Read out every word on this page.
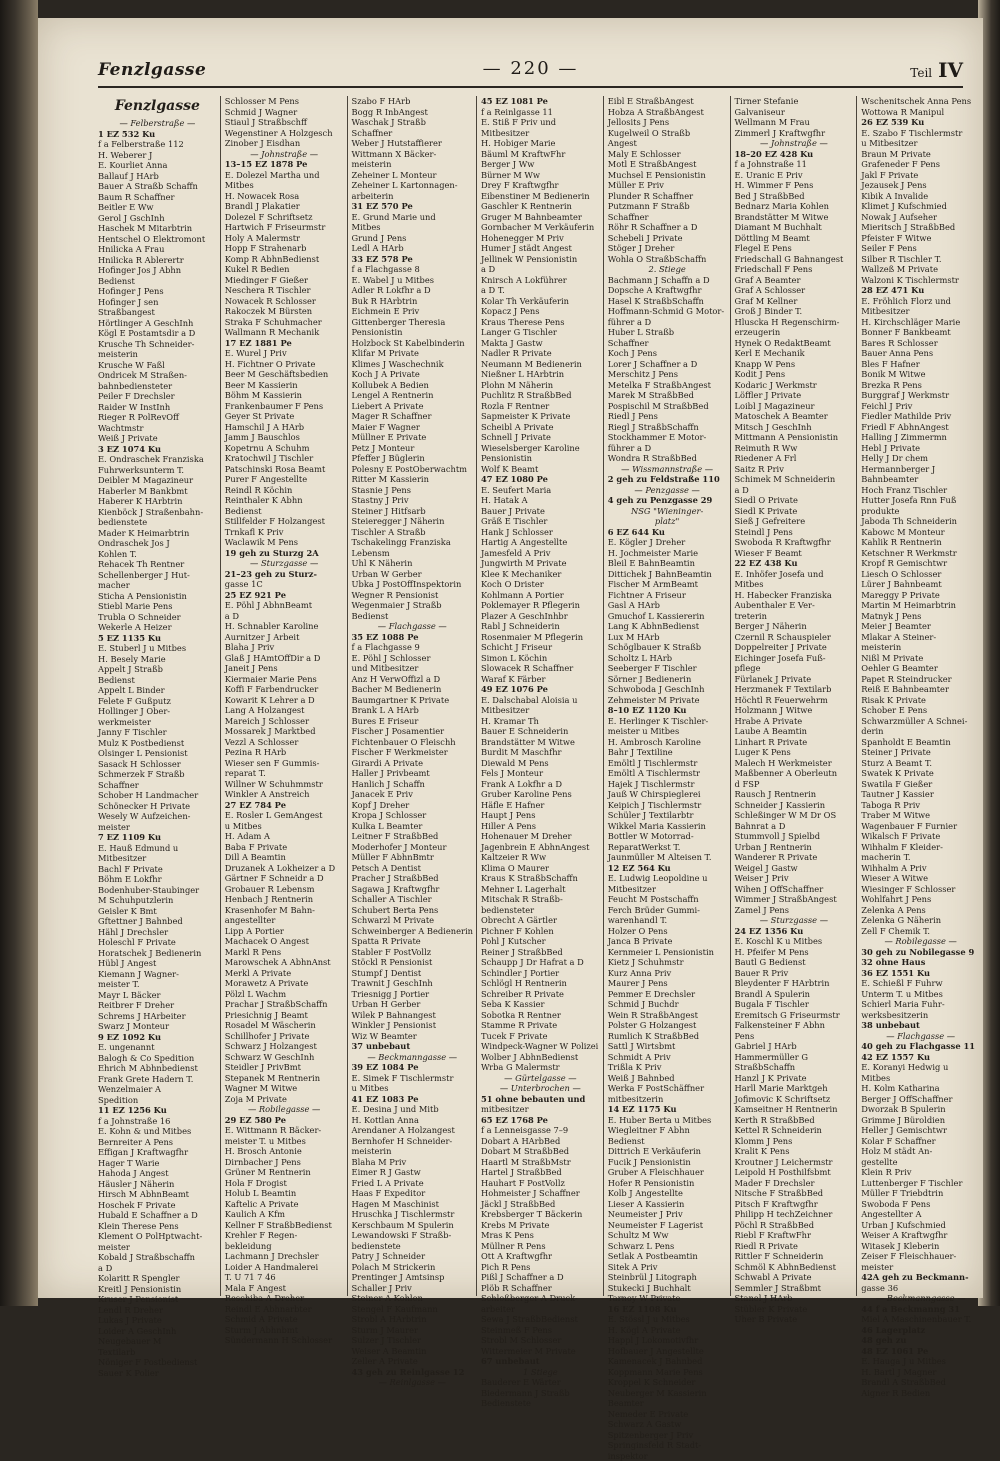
Fenzlgasse	— 220 —	Teil IV
Fenzlgasse
— Felberstraße —
1 EZ 532 Ku
f a Felberstraße 112
H. Weberer J
E. Kourliet Anna
Ballauf J HArb
Bauer A Straßb Schaffn
Baum R Schaffner
Beitler E Ww
Gerol J GschInh
Haschek M Mitarbtrin
Hentschel O Elektromont
Hnilicka A Frau
Hnilicka R Ablerertr
Hofinger Jos J Abhn
Bedienst
Hofinger J Pens
Hofinger J sen
Straßbangest
Hörtlinger A GeschInh
Kögl E Postamtsdir a D
Krusche Th Schneider-
meisterin
Krusche W Faßl
Ondricek M Straßen-
bahnbediensteter
Peiler F Drechsler
Raider W InstInh
Rieger R PolRevOff
Wachtmstr
Weiß J Private
3 EZ 1074 Ku
E. Ondraschek Franziska
Fuhrwerksunterm T.
Deibler M Magazineur
Haberler M Bankbmt
Haberer K HArbtrin
Kienböck J Straßenbahn-
bedienstete
Mader K Heimarbtrin
Ondraschek Jos J
Kohlen T.
Rehacek Th Rentner
Schellenberger J Hut-
macher
Sticha A Pensionistin
Stiebl Marie Pens
Trubla O Schneider
Wekerle A Heizer
5 EZ 1135 Ku
E. Stuberl J u Mitbes
H. Besely Marie
Appelt J Straßb
Bedienst
Appelt L Binder
Felete F Gußputz
Hollinger J Ober-
werkmeister
Janny F Tischler
Mulz K Postbedienst
Olsinger L Pensionist
Sasack H Schlosser
Schmerzek F Straßb
Schaffner
Schober H Landmacher
Schönecker H Private
Wesely W Aufzeichen-
meister
7 EZ 1109 Ku
E. Hauß Edmund u
Mitbesitzer
Bachl F Private
Böhm E Lokfhr
Bodenhuber-Staubinger
M Schuhputzlerin
Geisler K Bmt
Gftettner J Bahnbed
Hähl J Drechsler
Holeschl F Private
Horatschek J Bedienerin
Hübl J Angest
Kiemann J Wagner-
meister T.
Mayr L Bäcker
Reitbrer F Dreher
Schrems J HArbeiter
Swarz J Monteur
9 EZ 1092 Ku
E. ungenannt
Balogh & Co Spedition
Ehrich M Abhnbedienst
Frank Grete Hadern T.
Wenzelmaier A
Spedition
11 EZ 1256 Ku
f a Johnstraße 16
E. Kohn & und Mitbes
Bernreiter A Pens
Effigan J Kraftwagfhr
Hager T Warie
Hahoda J Angest
Häusler J Näherin
Hirsch M AbhnBeamt
Hoschek F Private
Hubald E Schaffner a D
Klein Therese Pens
Klement O PolHptwacht-
meister
Kobald J Straßbschaffn
a D
Kolaritt R Spengler
Kreitl J Pensionistin
Kruser J Pensionist
Lendl R Dreher
Lukas J Private
Loider A GeschInh
Neugebauer M
Textilarb
Nöniger F Postbedienst
Sauer K Polier
Schlosser M Pens
Schmid J Wagner
Stiaul J Straßbschff
Wegenstiner A Holzgesch
Zinober J Eisdhan
— Johnstraße —
13–15 EZ 1878 Pe
E. Dolezel Martha und
Mitbes
H. Nowacek Rosa
Brandl J Plakatier
Dolezel F Schriftsetz
Hartwich F Friseurmstr
Holy A Malermstr
Hopp F Strahenarb
Komp R AbhnBedienst
Kukel R Bedien
Miedinger F Gießer
Neschera R Tischler
Nowacek R Schlosser
Rakoczek M Bürsten
Straka F Schuhmacher
Wallmann R Mechanik
17 EZ 1881 Pe
E. Wurel J Priv
H. Fichtner O Private
Beer M Geschäftsbedien
Beer M Kassierin
Böhm M Kassierin
Frankenbaumer F Pens
Geyer St Private
Hamschil J A HArb
Jamm J Bauschlos
Kopetrnu A Schuhm
Kratochwil J Tischler
Patschinski Rosa Beamt
Purer F Angestellte
Reindl R Köchin
Reinthaler K Abhn
Bedienst
Stillfelder F Holzangest
Trnkafl K Priv
Waclawik M Pens
19 geh zu Sturzg 2A
— Sturzgasse —
21–23 geh zu Sturz-
gasse 1C
25 EZ 921 Pe
E. Pöhl J AbhnBeamt
a D
H. Schnabler Karoline
Aurnitzer J Arbeit
Blaha J Priv
Glaß J HAmtOffDir a D
Janeit J Pens
Kiermaier Marie Pens
Koffi F Farbendrucker
Kowarit K Lehrer a D
Lang A Holzangest
Mareich J Schlosser
Mossarek J Marktbed
Vezzl A Schlosser
Pezina R HArb
Wieser sen F Gummis-
reparat T.
Willner W Schuhmmstr
Winkler A Anstreich
27 EZ 784 Pe
E. Rosler L GemAngest
u Mitbes
H. Adam A
Baba F Private
Dill A Beamtin
Druzanek A Lokheizer a D
Gärtner F Schneidr a D
Grobauer R Lebensm
Henbach J Rentnerin
Krasenhofer M Bahn-
angestellter
Lipp A Portier
Machacek O Angest
Markl R Pens
Marowschek A AbhnAnst
Merkl A Private
Morawetz A Private
Pölzl L Wachm
Prachar J StraßbSchaffn
Priesichnig J Beamt
Rosadel M Wäscherin
Schillhofer J Private
Schwarz J Holzangest
Schwarz W GeschInh
Steidler J PrivBmt
Stepanek M Rentnerin
Wagner M Witwe
Zoja M Private
— Robilegasse —
29 EZ 580 Pe
E. Wittmann R Bäcker-
meister T. u Mitbes
H. Brosch Antonie
Dirnbacher J Pens
Grüner M Rentnerin
Hola F Drogist
Holub L Beamtin
Kaftelic A Private
Kaulich A Kfm
Kellner F StraßbBedienst
Krehler F Regen-
bekleidung
Lachmann J Drechsler
Loider A Handmalerei
T. U 71 7 46
Mala F Angest
Reschiba A Dreher
Reindl E Abhnarbter
Schmid A Private
Sturm J Abhnbmt
Sündermann H Schlosser
Szabo F HArb
Bogg R InbAngest
Waschak J Straßb
Schaffner
Weber J Hutstaffierer
Wittmann X Bäcker-
meisterin
Zeheiner L Monteur
Zeheiner L Kartonnagen-
arbeiterin
31 EZ 570 Pe
E. Grund Marie und
Mitbes
Grund J Pens
Ledl A HArb
33 EZ 578 Pe
f a Flachgasse 8
E. Wabel J u Mitbes
Adler R Lokfhr a D
Buk R HArbtrin
Eichmein E Priv
Gittenberger Theresia
Pensionistin
Holzbock St Kabelbinderin
Klifar M Private
Klimes J Waschechnik
Koch J A Private
Kollubek A Bedien
Lengel A Rentnerin
Liebert A Private
Mager R Schaffner
Maier F Wagner
Müllner E Private
Petz J Monteur
Pfeffer J Büglerin
Polesny E PostOberwachtm
Ritter M Kassierin
Stasnie J Pens
Stastny J Priv
Steiner J Hitfsarb
Steieregger J Näherin
Tischler A Straßb
Tschakelingg Franziska
Lebensm
Uhl K Näherin
Urban W Gerber
Ubka J PostOffInspektorin
Wegner R Pensionist
Wegenmaier J Straßb
Bedienst
— Flachgasse —
35 EZ 1088 Pe
f a Flachgasse 9
E. Pöhl J Schlosser
und Mitbesitzer
Anz H VerwOffizl a D
Bacher M Bedienerin
Baumgartner K Private
Brank L A HArb
Bures E Friseur
Fischer J Posamentier
Fichtenbauer O Fleischh
Fischer F Werkmeister
Girardi A Private
Haller J Privbeamt
Hanlich J Schaffn
Janacek E Priv
Kopf J Dreher
Kropa J Schlosser
Kulka L Beamter
Leitner F StraßbBed
Moderhofer J Monteur
Müller F AbhnBmtr
Petsch A Dentist
Pracher J StraßbBed
Sagawa J Kraftwgfhr
Schaller A Tischler
Schubert Berta Pens
Schwarzl M Private
Schweinberger A Bedienerin
Spatta R Private
Stabler F PostVollz
Stöckl R Pensionist
Stumpf J Dentist
Trawnit J GeschInh
Triesnigg J Portier
Urban H Gerber
Wilek P Bahnangest
Winkler J Pensionist
Wiz W Beamter
37 unbebaut
— Beckmanngasse —
39 EZ 1084 Pe
E. Simek F Tischlermstr
u Mitbes
41 EZ 1083 Pe
E. Desina J und Mitb
H. Kottlan Anna
Arendaner A Holzangest
Bernhofer H Schneider-
meisterin
Blaha M Priv
Eimer R J Gastw
Fried L A Private
Haas F Expeditor
Hagen M Maschinist
Hruschka J Tischlermstr
Kerschbaum M Spulerin
Lewandowski F Straßb-
bedienstete
Patry J Schneider
Polach M Strickerin
Prentinger J Amtsinsp
Schaller J Priv
Steiner A Kohlen
Stengel F Kaufmann
Strobl A HArbtrin
Sturm J Maurer
Sulzer J Tischler
Weiser A Beamtin
Zeller A Private
43 geh zu Reinlgasse 12
— Reinlgasse —
45 EZ 1081 Pe
f a Reinlgasse 11
E. Stiß F Priv und
Mitbesitzer
H. Hobiger Marie
Bäuml M KraftwFhr
Berger J Ww
Bürner M Ww
Drey F Kraftwgfhr
Eibenstiner M Bedienerin
Gaschler K Rentnerin
Gruger M Bahnbeamter
Gornbacher M Verkäuferin
Hohenegger M Priv
Humer J städt Angest
Jellinek W Pensionistin
a D
Knirsch A Lokführer
a D T.
Kolar Th Verkäuferin
Kopacz J Pens
Kraus Therese Pens
Langer G Tischler
Makta J Gastw
Nadler R Private
Neumann M Bedienerin
Nießner L HArbtrin
Plohn M Näherin
Puchlitz R StraßbBed
Rozla F Rentner
Sapmeister K Private
Scheibl A Private
Schnell J Private
Wieselsberger Karoline
Pensionistin
Wolf K Beamt
47 EZ 1080 Pe
E. Seufert Maria
H. Hatak A
Bauer J Private
Gräß E Tischler
Hank J Schlosser
Hartig A Angestellte
Jamesfeld A Priv
Jungwirth M Private
Klee K Mechaniker
Koch O Drister
Kohlmann A Portier
Poklemayer R Pflegerin
Plazer A GeschInhbr
Rabl J Schneiderin
Rosenmaier M Pflegerin
Schicht J Friseur
Simon L Köchin
Slowacek R Schaffner
Waraf K Färber
49 EZ 1076 Pe
E. Dalschabal Aloisia u
Mitbesitzer
H. Kramar Th
Bauer E Schneiderin
Brandstätter M Witwe
Burdit M Maschfhr
Diewald M Pens
Fels J Monteur
Frank A Lokfhr a D
Gruber Karoline Pens
Häfle E Hafner
Haupt J Pens
Hiller A Pens
Hohenauer M Dreher
Jagenbrein E AbhnAngest
Kaltzeier R Ww
Klima O Maurer
Kraus K StraßbSchaffn
Mehner L Lagerhalt
Mitschak R Straßb-
bediensteter
Obrecht A Gärtler
Pichner F Kohlen
Pohl J Kutscher
Reiner J StraßbBed
Schaupp J Dr Hafrat a D
Schindler J Portier
Schlögl H Rentnerin
Schreiber R Private
Seba K Kassier
Sobotka R Rentner
Stamme R Private
Tucek F Private
Windpeck-Wagner W Polizei
Wolber J AbhnBedienst
Wrba G Malermstr
— Gürtelgasse —
— Unterbrochen —
51 ohne bebauten und
mitbesitzer
65 EZ 1768 Pe
f a Lenneisgasse 7–9
Dobart A HArbBed
Dobart M StraßbBed
Haartl M StraßbMstr
Hartel J StraßbBed
Hauhart F PostVollz
Hohmeister J Schaffner
Jäckl J StraßbBed
Krebsberger T Bäckerin
Krebs M Private
Mras K Pens
Müllner R Pens
Ott A Kraftwgfhr
Pich R Pens
Pißl J Schaffner a D
Plöb R Schaffner
Schloßberger A Druck-
arbeiter
Sewa J StraßbBedienst
Steinmeß F Pens
Strobl M Schlosser
Wittermeier M Private
67 unbebaut
1 Stiege
Bauderer E Wärter
Biedermann J Straßb
Bedienstete
Eibl E StraßbAngest
Hobza A StraßbAngest
Jellosits J Pens
Kugelweil O Straßb
Angest
Maly E Schlosser
Motl E StraßbAngest
Muchsel E Pensionistin
Müller E Priv
Plunder R Schaffner
Putzmann F Straßb
Schaffner
Röhr R Schaffner a D
Schebeli J Private
Stöger J Dreher
Wohla O StraßbSchaffn
2. Stiege
Bachmann J Schaffn a D
Dopsche A Kraftwgfhr
Hasel K StraßbSchaffn
Hoffmann-Schmid G Motor-
führer a D
Huber L Straßb
Schaffner
Koch J Pens
Lorer J Schaffner a D
Merschitz J Pens
Metelka F StraßbAngest
Marek M StraßbBed
Pospischil M StraßbBed
Riedl J Pens
Riegl J StraßbSchaffn
Stockhammer E Motor-
führer a D
Wondra R StraßbBed
— Wissmannstraße —
2 geh zu Feldstraße 110
— Penzgasse —
4 geh zu Penzgasse 29
NSG "Wieninger-
platz"
6 EZ 644 Ku
E. Kögler J Dreher
H. Jochmeister Marie
Bleil E BahnBeamtin
Dittichek J BahnBeamtin
Fischer M ArmBeamt
Fichtner A Friseur
Gasl A HArb
Gmuchof L Kassiererin
Lang K AbhnBedienst
Lux M HArb
Schöglbauer K Straßb
Scholtz L HArb
Seeberger F Tischler
Sörner J Bedienerin
Schwoboda J GeschInh
Zehmeister M Private
8–10 EZ 1120 Ku
E. Herlinger K Tischler-
meister u Mitbes
H. Ambrosch Karoline
Bahr J Textiline
Emöltl J Tischlermstr
Emöltl A Tischlermstr
Hajek J Tischlermstr
Jauß W Chirspieglerei
Keipich J Tischlermstr
Schüler J Textilarbtr
Wikkel Maria Kassierin
Bottler W Motorrad-
ReparatWerkst T.
Jaunmüller M Alteisen T.
12 EZ 564 Ku
E. Ludwig Leopoldine u
Mitbesitzer
Feucht M Postschaffn
Ferch Brüder Gummi-
warenhandl T.
Holzer O Pens
Janca B Private
Kernmeier L Pensionistin
Kietz J Schuhmstr
Kurz Anna Priv
Maurer J Pens
Pemmer E Drechsler
Schmid J Buchdr
Wein R StraßbAngest
Polster G Holzangest
Rumlich K StraßbBed
Sattl J Wirtsbmt
Schmidt A Priv
Trißla K Priv
Weiß J Bahnbed
Werka F PostSchäffner
mitbesitzerin
14 EZ 1175 Ku
E. Huber Berta u Mitbes
Wiegleitner F Abhn
Bedienst
Dittrich E Verkäuferin
Fucik J Pensionistin
Gruber A Fleischhauer
Hofer R Pensionistin
Kolb J Angestellte
Lieser A Kassierin
Neumeister J Priv
Neumeister F Lagerist
Schultz M Ww
Schwarz L Pens
Setlak A Postbeamtin
Sitek A Priv
Steinbrül J Litograph
Stukecki J Buchhalt
Tarnoy W Private
16 EZ 1108 Ku
E. Stössl J u Mitbes
H. Kögl A Private
Happl J Lokomotivfhr
Hofbauer J Angestellte
Kamenacek J Bahnbed
Koppmann Marie Pens
Kroppel K Schneider
Neuberger M Kassierin
Beamter
Nemeder E Private
Schwarz A Gastw
Spitzenberger J Priv
Springinsfeld R Stadt-
inspektor
Tirner Stefanie
Galvaniseur
Wellmann M Frau
Zimmerl J Kraftwgfhr
— Johnstraße —
18–20 EZ 428 Ku
f a Johnstraße 11
E. Uranic E Priv
H. Wimmer F Pens
Bed J StraßbBed
Bednarz Maria Kohlen
Brandstätter M Witwe
Diamant M Buchhalt
Döttling M Beamt
Flegel E Pens
Friedschall G Bahnangest
Friedschall F Pens
Graf A Beamter
Graf A Schlosser
Graf M Kellner
Groß J Binder T.
Hluscka H Regenschirm-
erzeugerin
Hynek O RedaktBeamt
Kerl E Mechanik
Knapp W Pens
Kodit J Pens
Kodaric J Werkmstr
Löffler J Private
Loibl J Magazineur
Matoschek A Beamter
Mitsch J GeschInh
Mittmann A Pensionistin
Reimuth R Ww
Riedener A Frl
Saitz R Priv
Schimek M Schneiderin
a D
Siedl O Private
Siedl K Private
Sieß J Gefreitere
Steindl J Pens
Swoboda R Kraftwgfhr
Wieser F Beamt
22 EZ 438 Ku
E. Inhöfer Josefa und
Mitbes
H. Habecker Franziska
Aubenthaler E Ver-
treterin
Berger J Näherin
Czernil R Schauspieler
Doppelreiter J Private
Eichinger Josefa Fuß-
pflege
Fürlanek J Private
Herzmanek F Textilarb
Höchtl R Feuerwehrm
Holzmann J Witwe
Hrabe A Private
Laube A Beamtin
Linhart R Private
Luger K Pens
Malech H Werkmeister
Maßbenner A Oberleutn
d FSP
Rausch J Rentnerin
Schneider J Kassierin
Schleßinger W M Dr OS
Bahnrat a D
Stummvoll J Spielbd
Urban J Rentnerin
Wanderer R Private
Weigel J Gastw
Weiser J Priv
Wihen J OffSchaffner
Wimmer J StraßbAngest
Zamel J Pens
— Sturzgasse —
24 EZ 1356 Ku
E. Koschl K u Mitbes
H. Pfeifer M Pens
Bautl G Bedienst
Bauer R Priv
Bleydenter F HArbtrin
Brandl A Spulerin
Bugala F Tischler
Eremitsch G Friseurmstr
Falkensteiner F Abhn
Pens
Gabriel J HArb
Hammermüller G
StraßbSchaffn
Hanzl J K Private
Harll Marie Marktgeh
Jofimovic K Schriftsetz
Kamseitner H Rentnerin
Kerth R StraßbBed
Kettel R Schneiderin
Klomm J Pens
Kralit K Pens
Kroutner J Leichermstr
Leipold H Posthilfsbmt
Mader F Drechsler
Nitsche F StraßbBed
Pitsch F Kraftwgfhr
Philipp H techZeichner
Pöchl R StraßbBed
Riebl F KraftwFhr
Riedl R Private
Rittler F Schneiderin
Schmöl K AbhnBedienst
Schwabl A Private
Semmler J Straßbmt
Stanel J HArb
Stübler K Private
Uher B Private
Wschenitschek Anna Pens
Wottowa R Manipul
26 EZ 539 Ku
E. Szabo F Tischlermstr
u Mitbesitzer
Braun M Private
Grafeneder F Pens
Jakl F Private
Jezausek J Pens
Kibik A Invalide
Klimet J Kufschmied
Nowak J Aufseher
Mieritsch J StraßbBed
Pfeister F Witwe
Seiler F Pens
Silber R Tischler T.
Wallzeß M Private
Walzoni K Tischlermstr
28 EZ 471 Ku
E. Fröhlich Florz und
Mitbesitzer
H. Kirchschläger Marie
Bonner F Bankbeamt
Bares R Schlosser
Bauer Anna Pens
Bles F Hafner
Bonik M Witwe
Brezka R Pens
Burggraf J Werkmstr
Feichl J Priv
Fiedler Mathilde Priv
Friedl F AbhnAngest
Halling J Zimmermn
Hebl J Private
Helly J Dr chem
Hermannberger J
Bahnbeamter
Hoch Franz Tischler
Hutter Josefa Rnn Fuß
produkte
Jaboda Th Schneiderin
Kabowc M Monteur
Kahlik R Rentnerin
Ketschner R Werkmstr
Kropf R Gemischtwr
Liesch O Schlosser
Lürer J Bahnbeamt
Mareggy P Private
Martin M Heimarbtrin
Matnyk J Pens
Meier J Beamter
Mlakar A Steiner-
meisterin
Nißl M Private
Oehler G Beamter
Papet R Steindrucker
Reiß E Bahnbeamter
Risak K Private
Schober E Pens
Schwarzmüller A Schnei-
derin
Spanholdt E Beamtin
Steiner J Private
Sturz A Beamt T.
Swatek K Private
Swatila F Gießer
Tautner J Kassier
Taboga R Priv
Traber M Witwe
Wagenbauer F Furnier
Wikalsch F Private
Wihhalm F Kleider-
macherin T.
Wihhalm A Priv
Wieser A Witwe
Wiesinger F Schlosser
Wohlfahrt J Pens
Zelenka A Pens
Zelenka G Näherin
Zell F Chemik T.
— Robilegasse —
30 geh zu Nobilegasse 9
32 ohne Haus
36 EZ 1551 Ku
E. Schießl F Fuhrw
Unterm T. u Mitbes
Schierl Maria Fuhr-
werksbesitzerin
38 unbebaut
— Flachgasse —
40 geh zu Flachgasse 11
42 EZ 1557 Ku
E. Koranyi Hedwig u
Mitbes
H. Kolm Katharina
Berger J OffSchaffner
Dworzak B Spulerin
Grimme J Büroldien
Heller J Gemischtwr
Kolar F Schaffner
Holz M städt An-
gestellte
Klein R Priv
Luttenberger F Tischler
Müller F Triebdtrin
Swoboda F Pens
Angestellter A
Urban J Kufschmied
Weiser A Kraftwgfhr
Witasek J Kleberin
Zeiser F Fleischhauer-
meister
42A geh zu Beckmann-
gasse 36
— Beckmanngasse —
44 f a Beckmanng 31
Miel A Maschinenbauer T.
46 Lagerplatz
48 geh zu
48 EZ 1061 Pe
E. Hauga J u Mitbes
H. Bartl J Magner
Brandl A StraßbBed
Aigner R Bedien
